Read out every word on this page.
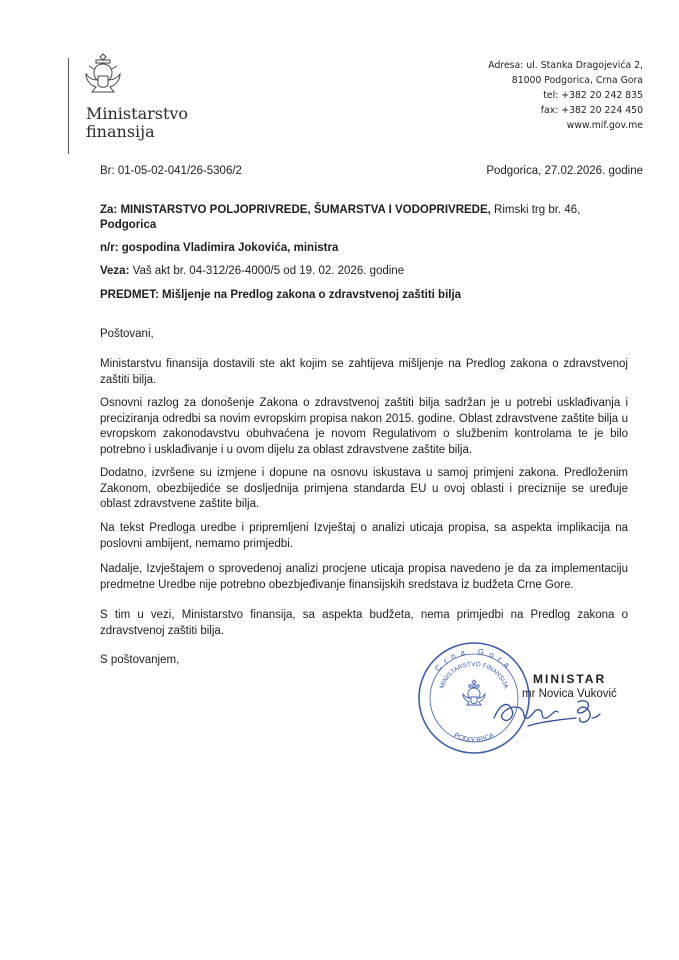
Ministarstvo
finansija
Adresa: ul. Stanka Dragojevića 2,
81000 Podgorica, Crna Gora
tel: +382 20 242 835
fax: +382 20 224 450
www.mif.gov.me
Br: 01-05-02-041/26-5306/2	Podgorica, 27.02.2026. godine
Za: MINISTARSTVO POLJOPRIVREDE, ŠUMARSTVA I VODOPRIVREDE, Rimski trg br. 46,
Podgorica
n/r: gospodina Vladimira Jokovića, ministra
Veza: Vaš akt br. 04-312/26-4000/5 od 19. 02. 2026. godine
PREDMET: Mišljenje na Predlog zakona o zdravstvenoj zaštiti bilja
Poštovani,
Ministarstvu finansija dostavili ste akt kojim se zahtijeva mišljenje na Predlog zakona o zdravstvenoj zaštiti bilja.
Osnovni razlog za donošenje Zakona o zdravstvenoj zaštiti bilja sadržan je u potrebi usklađivanja i preciziranja odredbi sa novim evropskim propisa nakon 2015. godine. Oblast zdravstvene zaštite bilja u evropskom zakonodavstvu obuhvaćena je novom Regulativom o službenim kontrolama te je bilo potrebno i usklađivanje i u ovom dijelu za oblast zdravstvene zaštite bilja.
Dodatno, izvršene su izmjene i dopune na osnovu iskustava u samoj primjeni zakona. Predloženim Zakonom, obezbijediće se dosljednija primjena standarda EU u ovoj oblasti i preciznije se uređuje oblast zdravstvene zaštite bilja.
Na tekst Predloga uredbe i pripremljeni Izvještaj o analizi uticaja propisa, sa aspekta implikacija na poslovni ambijent, nemamo primjedbi.
Nadalje, Izvještajem o sprovedenoj analizi procjene uticaja propisa navedeno je da za implementaciju predmetne Uredbe nije potrebno obezbjeđivanje finansijskih sredstava iz budžeta Crne Gore.
S tim u vezi, Ministarstvo finansija, sa aspekta budžeta, nema primjedbi na Predlog zakona o zdravstvenoj zaštiti bilja.
S poštovanjem,	Crna Gora
MINISTARSTVO FINANSIJA
PODGORICA
MINISTAR
mr Novica Vuković
